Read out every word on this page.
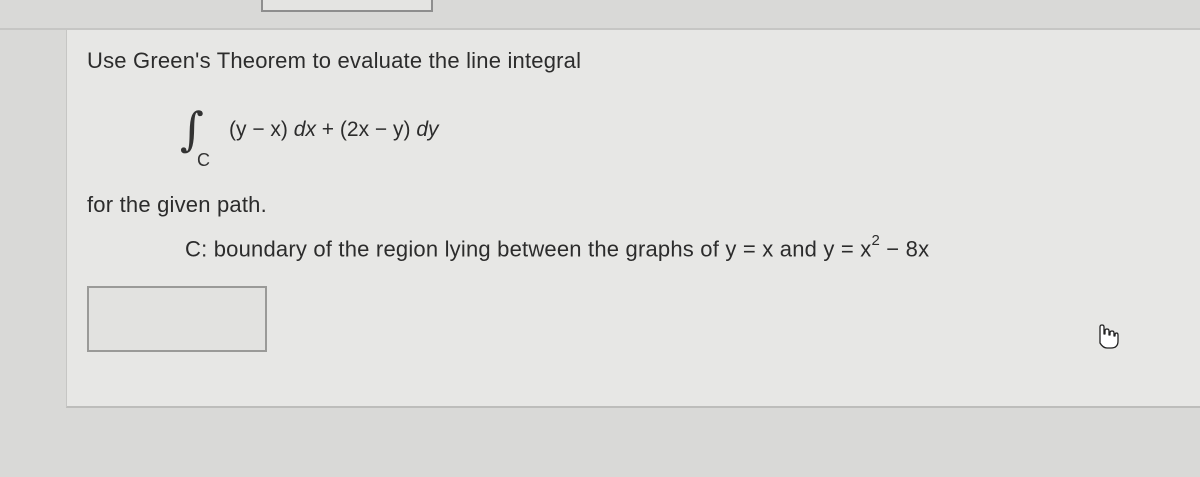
Use Green's Theorem to evaluate the line integral
∫
C
(y − x) dx + (2x − y) dy
for the given path.
C: boundary of the region lying between the graphs of y = x and $y = x^2 - 8x$
